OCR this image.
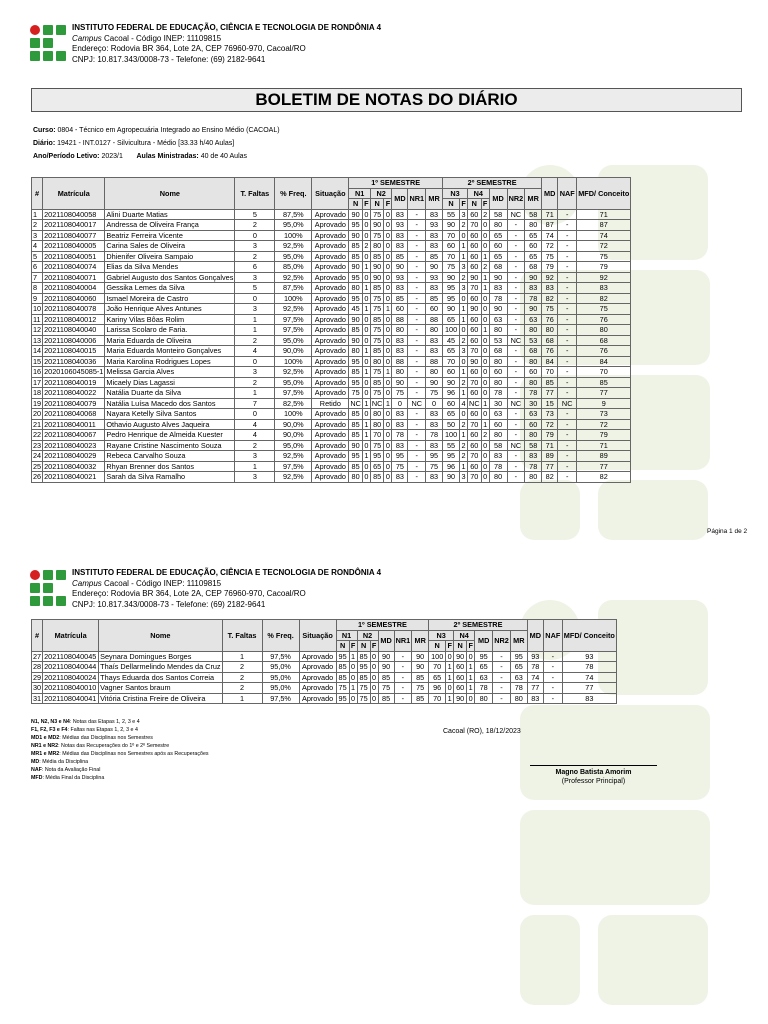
INSTITUTO FEDERAL DE EDUCAÇÃO, CIÊNCIA E TECNOLOGIA DE RONDÔNIA 4
Campus Cacoal - Código INEP: 11109815
Endereço: Rodovia BR 364, Lote 2A, CEP 76960-970, Cacoal/RO
CNPJ: 10.817.343/0008-73 - Telefone: (69) 2182-9641
BOLETIM DE NOTAS DO DIÁRIO
Curso: 0804 - Técnico em Agropecuária Integrado ao Ensino Médio (CACOAL)
Diário: 19421 - INT.0127 - Silvicultura - Médio [33.33 h/40 Aulas]
Ano/Período Letivo: 2023/1 Aulas Ministradas: 40 de 40 Aulas
#	Matrícula	Nome	T. Faltas	% Freq.	Situação	1º SEMESTRE							2º SEMESTRE							MD	NAF	MFD/ Conceito
						N1		N2		MD	NR1	MR	N3		N4		MD	NR2	MR			
						N	F	N	F				N	F	N	F						
1	2021108040058	Alini Duarte Matias	5	87,5%	Aprovado	90	0	75	0	83	-	83	55	3	60	2	58	NC	58	71	-	71
2	2021108040017	Andressa de Oliveira França	2	95,0%	Aprovado	95	0	90	0	93	-	93	90	2	70	0	80	-	80	87	-	87
3	2021108040077	Beatriz Ferreira Vicente	0	100%	Aprovado	90	0	75	0	83	-	83	70	0	60	0	65	-	65	74	-	74
4	2021108040005	Carina Sales de Oliveira	3	92,5%	Aprovado	85	2	80	0	83	-	83	60	1	60	0	60	-	60	72	-	72
5	2021108040051	Dhienifer Oliveira Sampaio	2	95,0%	Aprovado	85	0	85	0	85	-	85	70	1	60	1	65	-	65	75	-	75
6	2021108040074	Elias da Silva Mendes	6	85,0%	Aprovado	90	1	90	0	90	-	90	75	3	60	2	68	-	68	79	-	79
7	2021108040071	Gabriel Augusto dos Santos Gonçalves	3	92,5%	Aprovado	95	0	90	0	93	-	93	90	2	90	1	90	-	90	92	-	92
8	2021108040004	Gessika Lemes da Silva	5	87,5%	Aprovado	80	1	85	0	83	-	83	95	3	70	1	83	-	83	83	-	83
9	2021108040060	Ismael Moreira de Castro	0	100%	Aprovado	95	0	75	0	85	-	85	95	0	60	0	78	-	78	82	-	82
10	2021108040078	João Henrique Alves Antunes	3	92,5%	Aprovado	45	1	75	1	60	-	60	90	1	90	0	90	-	90	75	-	75
11	2021108040012	Kariny Vilas Bôas Rolim	1	97,5%	Aprovado	90	0	85	0	88	-	88	65	1	60	0	63	-	63	76	-	76
12	2021108040040	Larissa Scolaro de Faria.	1	97,5%	Aprovado	85	0	75	0	80	-	80	100	0	60	1	80	-	80	80	-	80
13	2021108040006	Maria Eduarda de Oliveira	2	95,0%	Aprovado	90	0	75	0	83	-	83	45	2	60	0	53	NC	53	68	-	68
14	2021108040015	Maria Eduarda Monteiro Gonçalves	4	90,0%	Aprovado	80	1	85	0	83	-	83	65	3	70	0	68	-	68	76	-	76
15	2021108040036	Maria Karolina Rodrigues Lopes	0	100%	Aprovado	95	0	80	0	88	-	88	70	0	90	0	80	-	80	84	-	84
16	2020106045085-1	Melissa Garcia Alves	3	92,5%	Aprovado	85	1	75	1	80	-	80	60	1	60	0	60	-	60	70	-	70
17	2021108040019	Micaely Dias Lagassi	2	95,0%	Aprovado	95	0	85	0	90	-	90	90	2	70	0	80	-	80	85	-	85
18	2021108040022	Natália Duarte da Silva	1	97,5%	Aprovado	75	0	75	0	75	-	75	96	1	60	0	78	-	78	77	-	77
19	2021108040079	Natália Luísa Macedo dos Santos	7	82,5%	Retido	NC	1	NC	1	0	NC	0	60	4	NC	1	30	NC	30	15	NC	9
20	2021108040068	Nayara Ketelly Silva Santos	0	100%	Aprovado	85	0	80	0	83	-	83	65	0	60	0	63	-	63	73	-	73
21	2021108040011	Othavio Augusto Alves Jaqueira	4	90,0%	Aprovado	85	1	80	0	83	-	83	50	2	70	1	60	-	60	72	-	72
22	2021108040067	Pedro Henrique de Almeida Kuester	4	90,0%	Aprovado	85	1	70	0	78	-	78	100	1	60	2	80	-	80	79	-	79
23	2021108040023	Rayane Cristine Nascimento Souza	2	95,0%	Aprovado	90	0	75	0	83	-	83	55	2	60	0	58	NC	58	71	-	71
24	2021108040029	Rebeca Carvalho Souza	3	92,5%	Aprovado	95	1	95	0	95	-	95	95	2	70	0	83	-	83	89	-	89
25	2021108040032	Rhyan Brenner dos Santos	1	97,5%	Aprovado	85	0	65	0	75	-	75	96	1	60	0	78	-	78	77	-	77
26	2021108040021	Sarah da Silva Ramalho	3	92,5%	Aprovado	80	0	85	0	83	-	83	90	3	70	0	80	-	80	82	-	82
Página 1 de 2
INSTITUTO FEDERAL DE EDUCAÇÃO, CIÊNCIA E TECNOLOGIA DE RONDÔNIA 4
Campus Cacoal - Código INEP: 11109815
Endereço: Rodovia BR 364, Lote 2A, CEP 76960-970, Cacoal/RO
CNPJ: 10.817.343/0008-73 - Telefone: (69) 2182-9641
#	Matrícula	Nome	T. Faltas	% Freq.	Situação	1º SEMESTRE							2º SEMESTRE							MD	NAF	MFD/ Conceito
						N1		N2		MD	NR1	MR	N3		N4		MD	NR2	MR			
						N	F	N	F				N	F	N	F						
27	2021108040045	Seynara Domingues Borges	1	97,5%	Aprovado	95	1	85	0	90	-	90	100	0	90	0	95	-	95	93	-	93
28	2021108040044	Thaís Dellarmelindo Mendes da Cruz	2	95,0%	Aprovado	85	0	95	0	90	-	90	70	1	60	1	65	-	65	78	-	78
29	2021108040024	Thays Eduarda dos Santos Correia	2	95,0%	Aprovado	85	0	85	0	85	-	85	65	1	60	1	63	-	63	74	-	74
30	2021108040010	Vagner Santos braum	2	95,0%	Aprovado	75	1	75	0	75	-	75	96	0	60	1	78	-	78	77	-	77
31	2021108040041	Vitória Cristina Freire de Oliveira	1	97,5%	Aprovado	95	0	75	0	85	-	85	70	1	90	0	80	-	80	83	-	83
N1, N2, N3 e N4: Notas das Etapas 1, 2, 3 e 4
F1, F2, F3 e F4: Faltas nas Etapas 1, 2, 3 e 4
MD1 e MD2: Médias das Disciplinas nos Semestres
NR1 e NR2: Notas das Recuperações do 1º e 2º Semestre
MR1 e MR2: Médias das Disciplinas nos Semestres após as Recuperações
MD: Média da Disciplina
NAF: Nota da Avaliação Final
MFD: Média Final da Disciplina
Cacoal (RO), 18/12/2023
Magno Batista Amorim
(Professor Principal)
